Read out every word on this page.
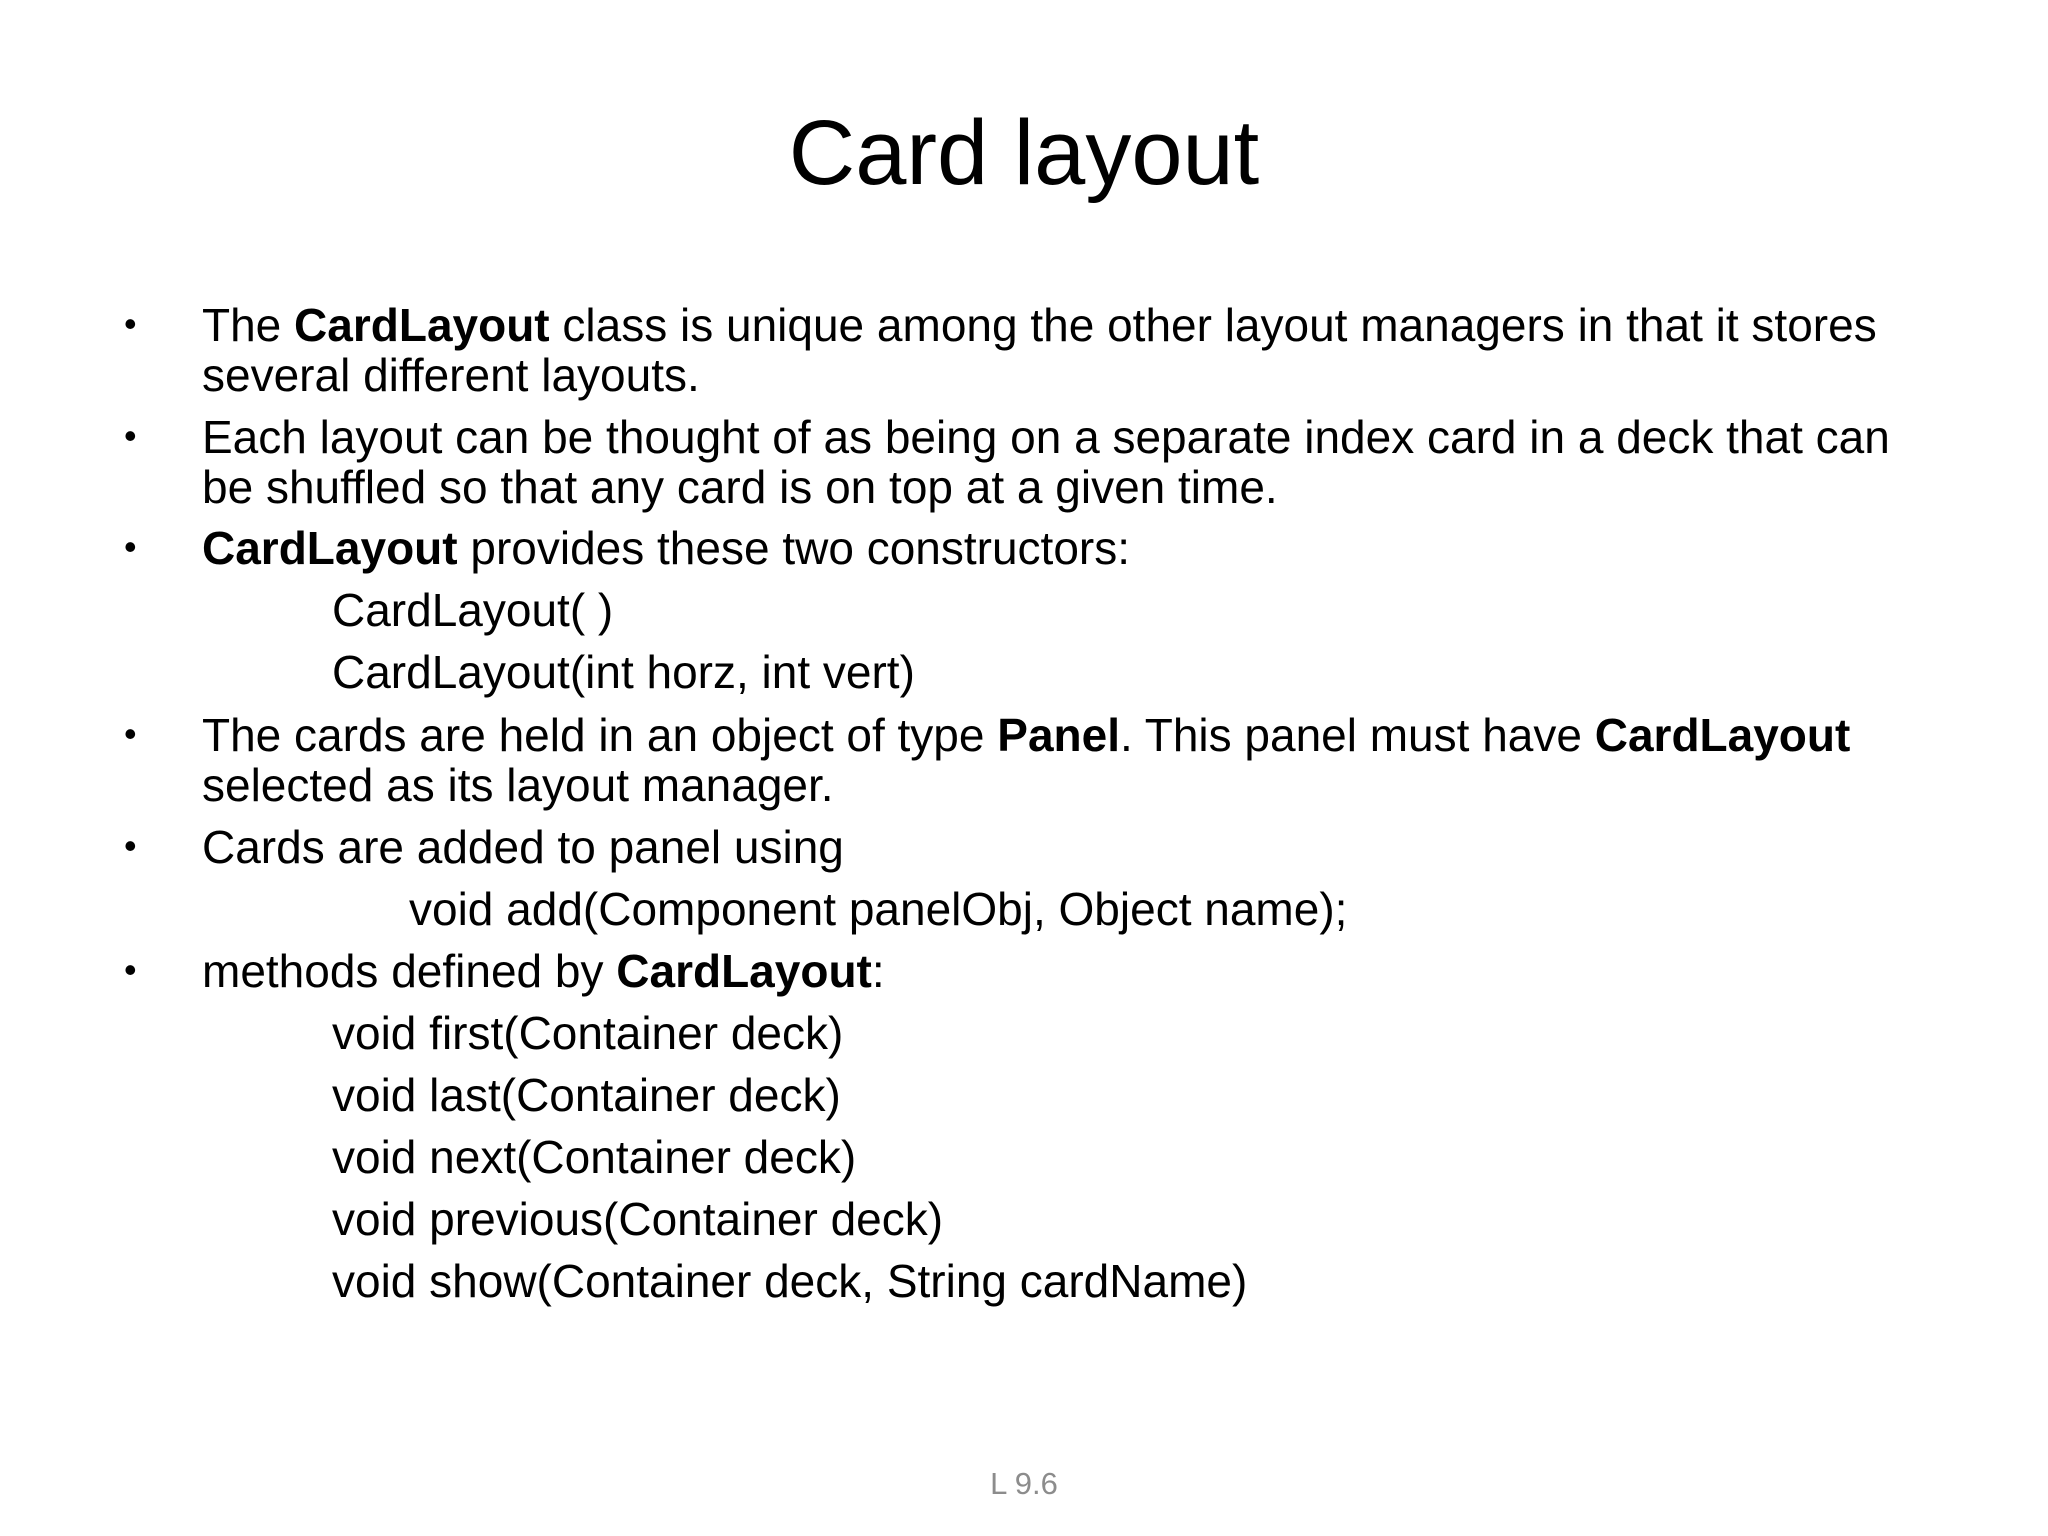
Card layout
• The CardLayout class is unique among the other layout managers in that it stores
several different layouts.
• Each layout can be thought of as being on a separate index card in a deck that can
be shuffled so that any card is on top at a given time.
• CardLayout provides these two constructors:
CardLayout( )
CardLayout(int horz, int vert)
• The cards are held in an object of type Panel. This panel must have CardLayout
selected as its layout manager.
• Cards are added to panel using
void add(Component panelObj, Object name);
• methods defined by CardLayout:
void first(Container deck)
void last(Container deck)
void next(Container deck)
void previous(Container deck)
void show(Container deck, String cardName)
L 9.6
